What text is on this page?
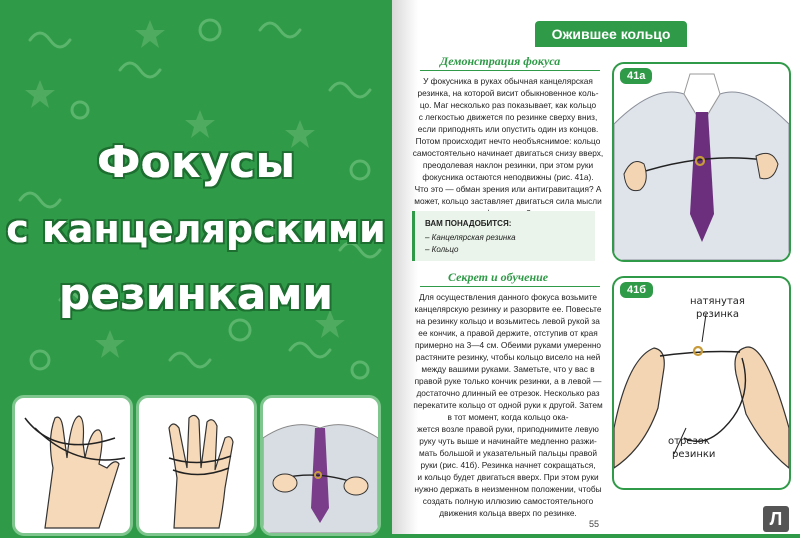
Фокусы
с канцелярскими
резинками
Ожившее кольцо
Демонстрация фокуса
У фокусника в руках обычная канцелярская
резинка, на которой висит обыкновенное коль-
цо. Маг несколько раз показывает, как кольцо
с легкостью движется по резинке сверху вниз,
если приподнять или опустить один из концов.
Потом происходит нечто необъяснимое: кольцо
самостоятельно начинает двигаться снизу вверх,
преодолевая наклон резинки, при этом руки
фокусника остаются неподвижны (рис. 41а).
Что это — обман зрения или антигравитация? А
может, кольцо заставляет двигаться сила мысли
ВАМ ПОНАДОБИТСЯ:
– Канцелярская резинка
– Кольцо
Секрет и обучение
Для осуществления данного фокуса возьмите
канцелярскую резинку и разорвите ее. Повесьте
на резинку кольцо и возьмитесь левой рукой за
ее кончик, а правой держите, отступив от края
примерно на 3—4 см. Обеими руками умеренно
растяните резинку, чтобы кольцо висело на ней
между вашими руками. Заметьте, что у вас в
правой руке только кончик резинки, а в левой —
достаточно длинный ее отрезок. Несколько раз
перекатите кольцо от одной руки к другой. Затем
в тот момент, когда кольцо ока-
жется возле правой руки, приподнимите левую
руку чуть выше и начинайте медленно разжи-
мать большой и указательный пальцы правой
руки (рис. 41б). Резинка начнет сокращаться,
и кольцо будет двигаться вверх. При этом руки
нужно держать в неизменном положении, чтобы
создать полную иллюзию самостоятельного
движения кольца вверх по резинке.
41а
41б
натянутая
резинка
отрезок
резинки
55	Л
